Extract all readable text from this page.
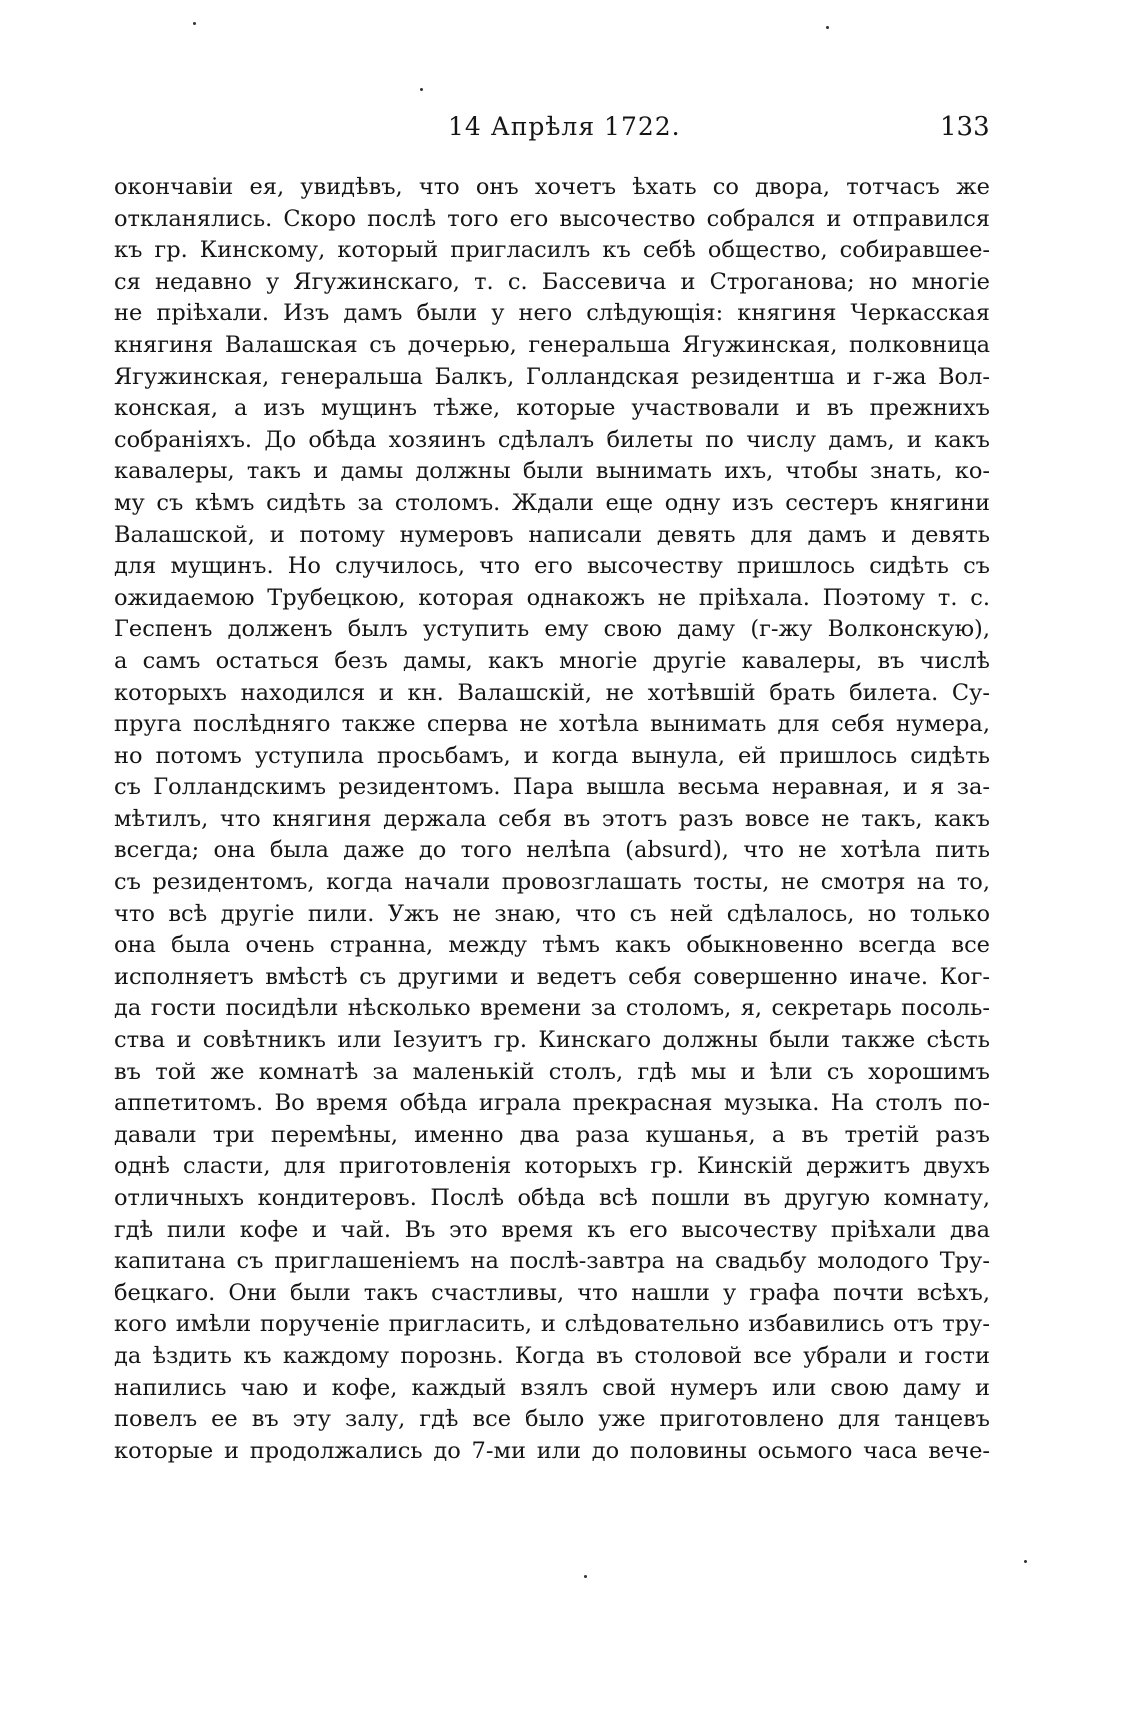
14 Апрѣля 1722.	133
окончавіи ея, увидѣвъ, что онъ хочетъ ѣхать со двора, тотчасъ же
откланялись. Скоро послѣ того его высочество собрался и отправился
къ гр. Кинскому, который пригласилъ къ себѣ общество, собиравшее-
ся недавно у Ягужинскаго, т. с. Бассевича и Строганова; но многіе
не пріѣхали. Изъ дамъ были у него слѣдующія: княгиня Черкасская
княгиня Валашская съ дочерью, генеральша Ягужинская, полковница
Ягужинская, генеральша Балкъ, Голландская резидентша и г-жа Вол-
конская, а изъ мущинъ тѣже, которые участвовали и въ прежнихъ
собраніяхъ. До обѣда хозяинъ сдѣлалъ билеты по числу дамъ, и какъ
кавалеры, такъ и дамы должны были вынимать ихъ, чтобы знать, ко-
му съ кѣмъ сидѣть за столомъ. Ждали еще одну изъ сестеръ княгини
Валашской, и потому нумеровъ написали девять для дамъ и девять
для мущинъ. Но случилось, что его высочеству пришлось сидѣть съ
ожидаемою Трубецкою, которая однакожъ не пріѣхала. Поэтому т. с.
Геспенъ долженъ былъ уступить ему свою даму (г-жу Волконскую),
а самъ остаться безъ дамы, какъ многіе другіе кавалеры, въ числѣ
которыхъ находился и кн. Валашскій, не хотѣвшій брать билета. Су-
пруга послѣдняго также сперва не хотѣла вынимать для себя нумера,
но потомъ уступила просьбамъ, и когда вынула, ей пришлось сидѣть
съ Голландскимъ резидентомъ. Пара вышла весьма неравная, и я за-
мѣтилъ, что княгиня держала себя въ этотъ разъ вовсе не такъ, какъ
всегда; она была даже до того нелѣпа (absurd), что не хотѣла пить
съ резидентомъ, когда начали провозглашать тосты, не смотря на то,
что всѣ другіе пили. Ужъ не знаю, что съ ней сдѣлалось, но только
она была очень странна, между тѣмъ какъ обыкновенно всегда все
исполняетъ вмѣстѣ съ другими и ведетъ себя совершенно иначе. Ког-
да гости посидѣли нѣсколько времени за столомъ, я, секретарь посоль-
ства и совѣтникъ или Іезуитъ гр. Кинскаго должны были также сѣсть
въ той же комнатѣ за маленькій столъ, гдѣ мы и ѣли съ хорошимъ
аппетитомъ. Во время обѣда играла прекрасная музыка. На столъ по-
давали три перемѣны, именно два раза кушанья, а въ третій разъ
однѣ сласти, для приготовленія которыхъ гр. Кинскій держитъ двухъ
отличныхъ кондитеровъ. Послѣ обѣда всѣ пошли въ другую комнату,
гдѣ пили кофе и чай. Въ это время къ его высочеству пріѣхали два
капитана съ приглашеніемъ на послѣ-завтра на свадьбу молодого Тру-
бецкаго. Они были такъ счастливы, что нашли у графа почти всѣхъ,
кого имѣли порученіе пригласить, и слѣдовательно избавились отъ тру-
да ѣздить къ каждому порознь. Когда въ столовой все убрали и гости
напились чаю и кофе, каждый взялъ свой нумеръ или свою даму и
повелъ ее въ эту залу, гдѣ все было уже приготовлено для танцевъ
которые и продолжались до 7-ми или до половины осьмого часа вече-
